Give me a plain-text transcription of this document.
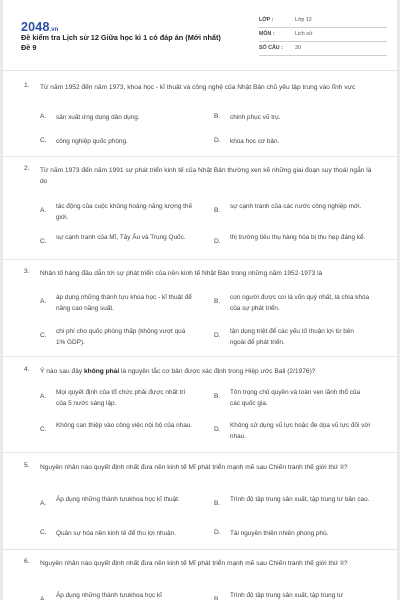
2048.vn
Đề kiểm tra Lịch sử 12 Giữa học kì 1 có đáp án (Mới nhất)
Đề 9
LỚP :	Lớp 12
MÔN :	Lịch sử
SỐ CÂU : 30
1. Từ năm 1952 đến năm 1973, khoa học - kĩ thuật và công nghệ của Nhật Bản chủ yếu tập trung vào lĩnh vực
A. sản xuất ứng dụng dân dụng.	B. chinh phục vũ trụ.
C. công nghiệp quốc phòng.	D. khoa học cơ bản.
2. Từ năm 1973 đến năm 1991 sự phát triển kinh tế của Nhật Bản thường xen kẽ những giai đoạn suy thoái ngắn là do
A.
tác động của cuộc khủng hoảng năng lượng thế giới.
B.
sự cạnh tranh của các nước công nghiệp mới.
C.
sự cạnh tranh của Mĩ, Tây Âu và Trung Quốc.
D.
thị trường tiêu thụ hàng hóa bị thu hẹp đáng kể.
3. Nhân tố hàng đầu dẫn tới sự phát triển của nền kinh tế Nhật Bản trong những năm 1952-1973 là
A.
áp dụng những thành tựu khoa học - kĩ thuật để nâng cao năng suất.
B.
con người được coi là vốn quý nhất, là chìa khóa của sự phát triển.
C.
chi phí cho quốc phòng thấp (không vượt quá 1% GDP).
D.
tận dụng triệt để các yếu tố thuận lợi từ bên ngoài để phát triển.
4. Ý nào sau đây không phải là nguyên tắc cơ bản được xác định trong Hiệp ước Bali (2/1976)?
A.
Mọi quyết định của tổ chức phải được nhất trí của 5 nước sáng lập.
B.
Tôn trọng chủ quyền và toàn vẹn lãnh thổ của các quốc gia.
C.
Không can thiệp vào công việc nội bộ của nhau.
D.
Không sử dụng vũ lực hoặc đe dọa vũ lực đối với nhau.
5. Nguyên nhân nào quyết định nhất đưa nền kinh tế Mĩ phát triển mạnh mẽ sau Chiến tranh thế giới thứ II?
A.
Áp dụng những thành tựukhoa học kĩ thuật.
B.
Trình độ tập trung sản xuất, tập trung tư bản cao.
C. Quân sự hóa nền kinh tế để thu lợi nhuận.	D. Tài nguyên thiên nhiên phong phú.
6. Nguyên nhân nào quyết định nhất đưa nền kinh tế Mĩ phát triển mạnh mẽ sau Chiến tranh thế giới thứ II?
A.
Áp dụng những thành tựukhoa học kĩ
B.
Trình độ tập trung sản xuất, tập trung tư
